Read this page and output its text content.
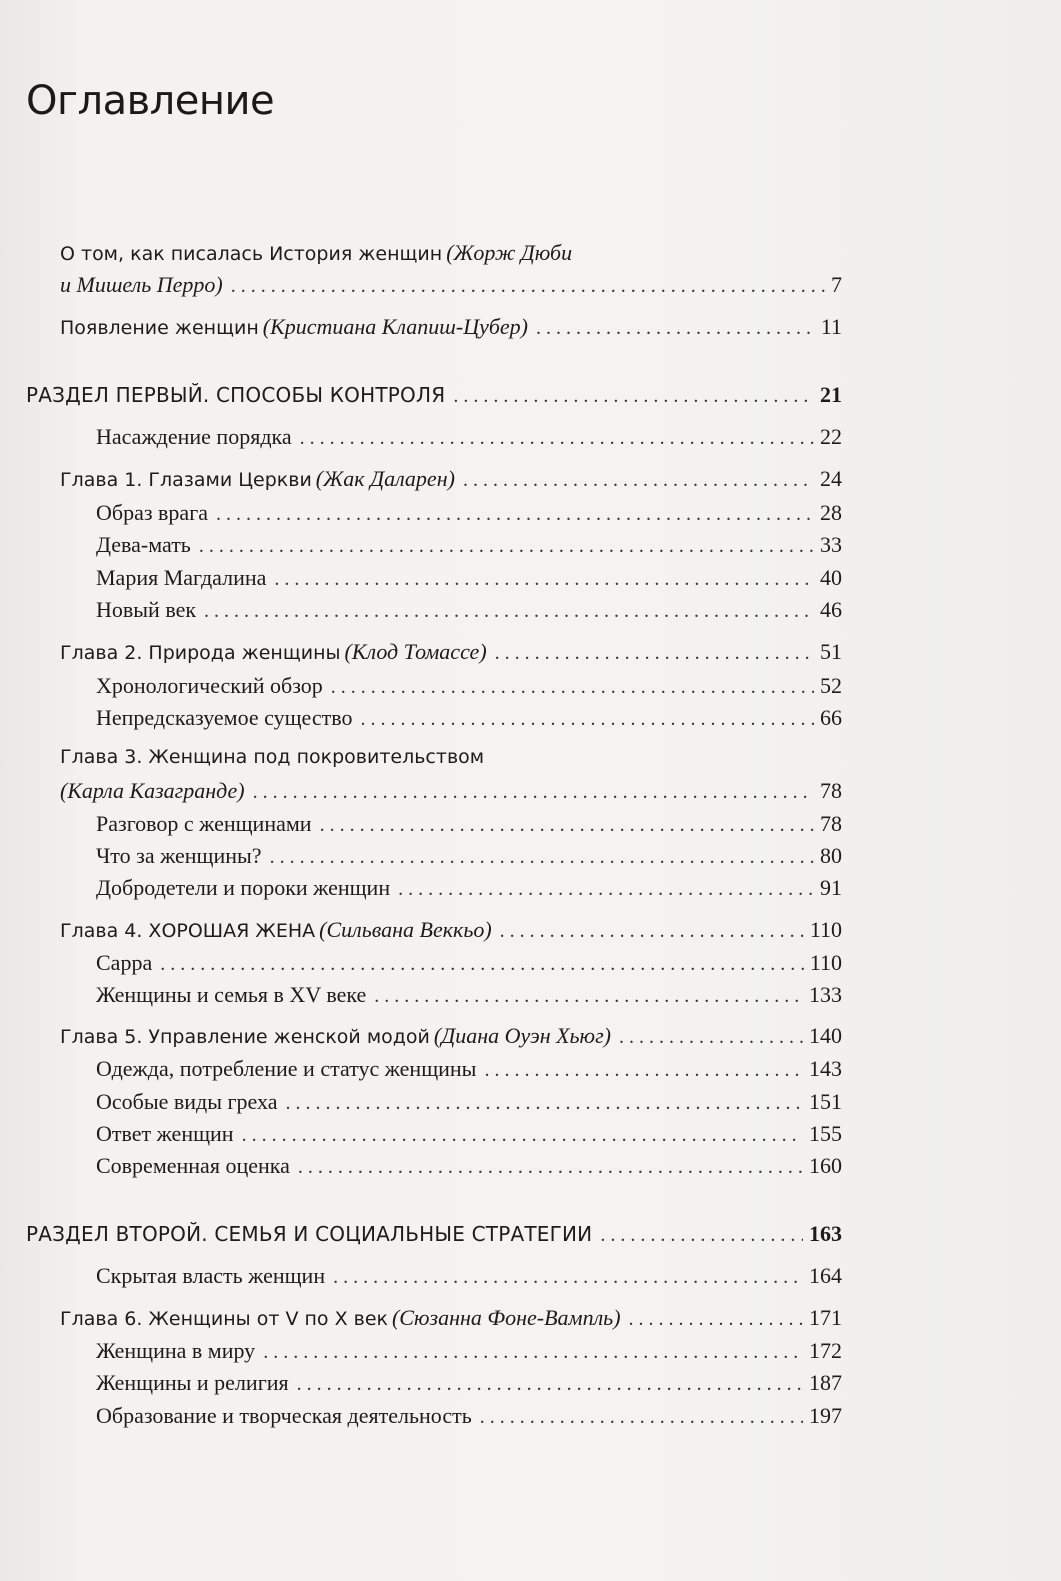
Оглавление
О том, как писалась История женщин (Жорж Дюби
и Мишель Перро) . . .	7
Появление женщин (Кристиана Клапиш-Цубер) . . .	11
РАЗДЕЛ ПЕРВЫЙ. СПОСОБЫ КОНТРОЛЯ . . .	21
Насаждение порядка . . .	22
Глава 1. Глазами Церкви (Жак Даларен) . . .	24
Образ врага . . .	28
Дева-мать . . .	33
Мария Магдалина . . .	40
Новый век . . .	46
Глава 2. Природа женщины (Клод Томассе) . . .	51
Хронологический обзор . . .	52
Непредсказуемое существо . . .	66
Глава 3. Женщина под покровительством
(Карла Казагранде) . . .	78
Разговор с женщинами . . .	78
Что за женщины? . . .	80
Добродетели и пороки женщин . . .	91
Глава 4. ХОРОШАЯ ЖЕНА (Сильвана Веккьо) . . .	110
Сарра . . .	110
Женщины и семья в XV веке . . .	133
Глава 5. Управление женской модой (Диана Оуэн Хьюг) . . .	140
Одежда, потребление и статус женщины . . .	143
Особые виды греха . . .	151
Ответ женщин . . .	155
Современная оценка . . .	160
РАЗДЕЛ ВТОРОЙ. СЕМЬЯ И СОЦИАЛЬНЫЕ СТРАТЕГИИ . . .	163
Скрытая власть женщин . . .	164
Глава 6. Женщины от V по X век (Сюзанна Фоне-Вампль) . . .	171
Женщина в миру . . .	172
Женщины и религия . . .	187
Образование и творческая деятельность . . .	197
